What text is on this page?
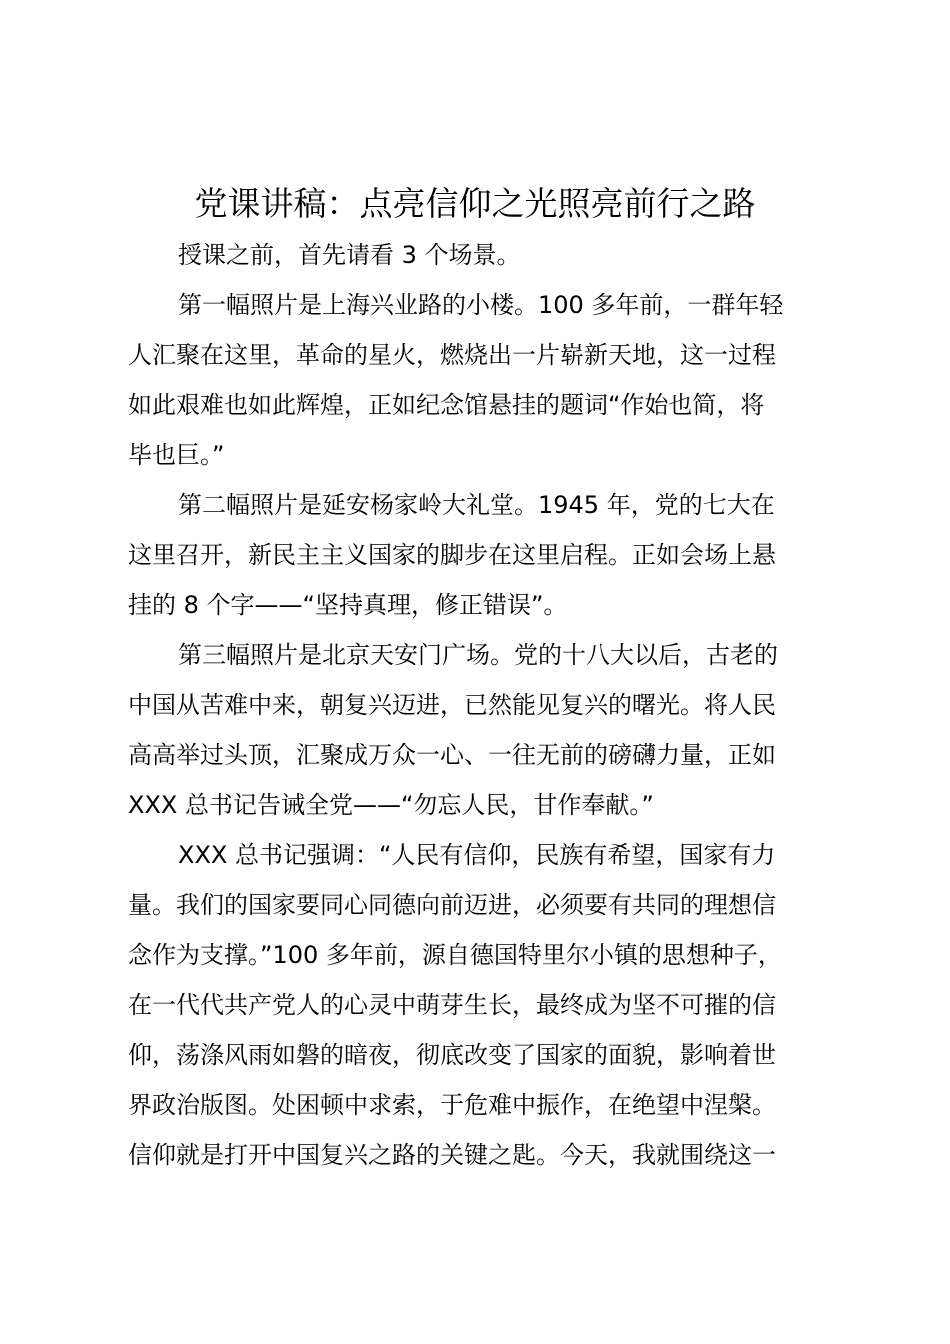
党课讲稿：点亮信仰之光照亮前行之路

授课之前，首先请看 3 个场景。

第一幅照片是上海兴业路的小楼。100 多年前，一群年轻

人汇聚在这里，革命的星火，燃烧出一片崭新天地，这一过程

如此艰难也如此辉煌，正如纪念馆悬挂的题词“作始也简，将

毕也巨。”

第二幅照片是延安杨家岭大礼堂。1945 年，党的七大在

这里召开，新民主主义国家的脚步在这里启程。正如会场上悬

挂的 8 个字——“坚持真理，修正错误”。

第三幅照片是北京天安门广场。党的十八大以后，古老的

中国从苦难中来，朝复兴迈进，已然能见复兴的曙光。将人民

高高举过头顶，汇聚成万众一心、一往无前的磅礴力量，正如

XXX 总书记告诫全党——“勿忘人民，甘作奉献。”

XXX 总书记强调：“人民有信仰，民族有希望，国家有力

量。我们的国家要同心同德向前迈进，必须要有共同的理想信

念作为支撑。”100 多年前，源自德国特里尔小镇的思想种子，

在一代代共产党人的心灵中萌芽生长，最终成为坚不可摧的信

仰，荡涤风雨如磐的暗夜，彻底改变了国家的面貌，影响着世

界政治版图。处困顿中求索，于危难中振作，在绝望中涅槃。

信仰就是打开中国复兴之路的关键之匙。今天，我就围绕这一
